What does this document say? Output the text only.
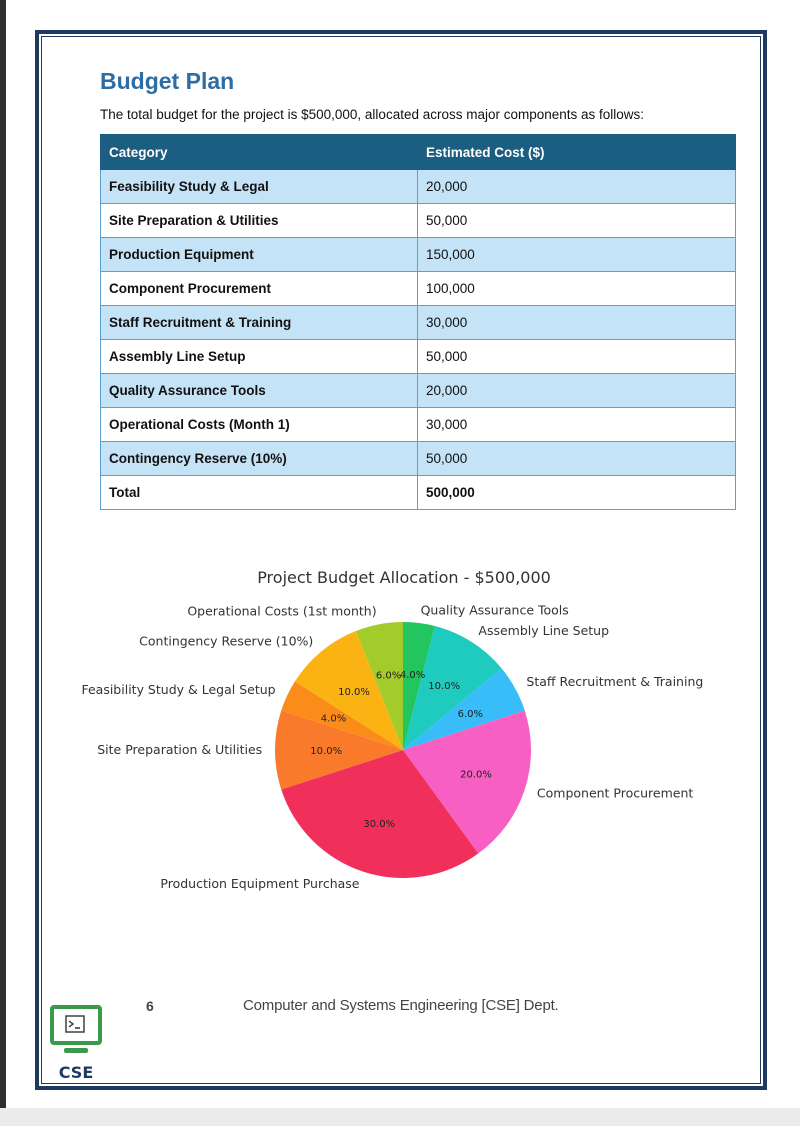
Budget Plan
The total budget for the project is $500,000, allocated across major components as follows:
Category	Estimated Cost ($)
Feasibility Study & Legal	20,000
Site Preparation & Utilities	50,000
Production Equipment	150,000
Component Procurement	100,000
Staff Recruitment & Training	30,000
Assembly Line Setup	50,000
Quality Assurance Tools	20,000
Operational Costs (Month 1)	30,000
Contingency Reserve (10%)	50,000
Total	500,000
Project Budget Allocation - $500,000
4.0%
10.0%
6.0%
20.0%
30.0%
10.0%
4.0%
10.0%
6.0%
Quality Assurance Tools
Assembly Line Setup
Staff Recruitment & Training
Component Procurement
Production Equipment Purchase
Site Preparation & Utilities
Feasibility Study & Legal Setup
Contingency Reserve (10%)
Operational Costs (1st month)
6	Computer and Systems Engineering [CSE] Dept.
CSE
